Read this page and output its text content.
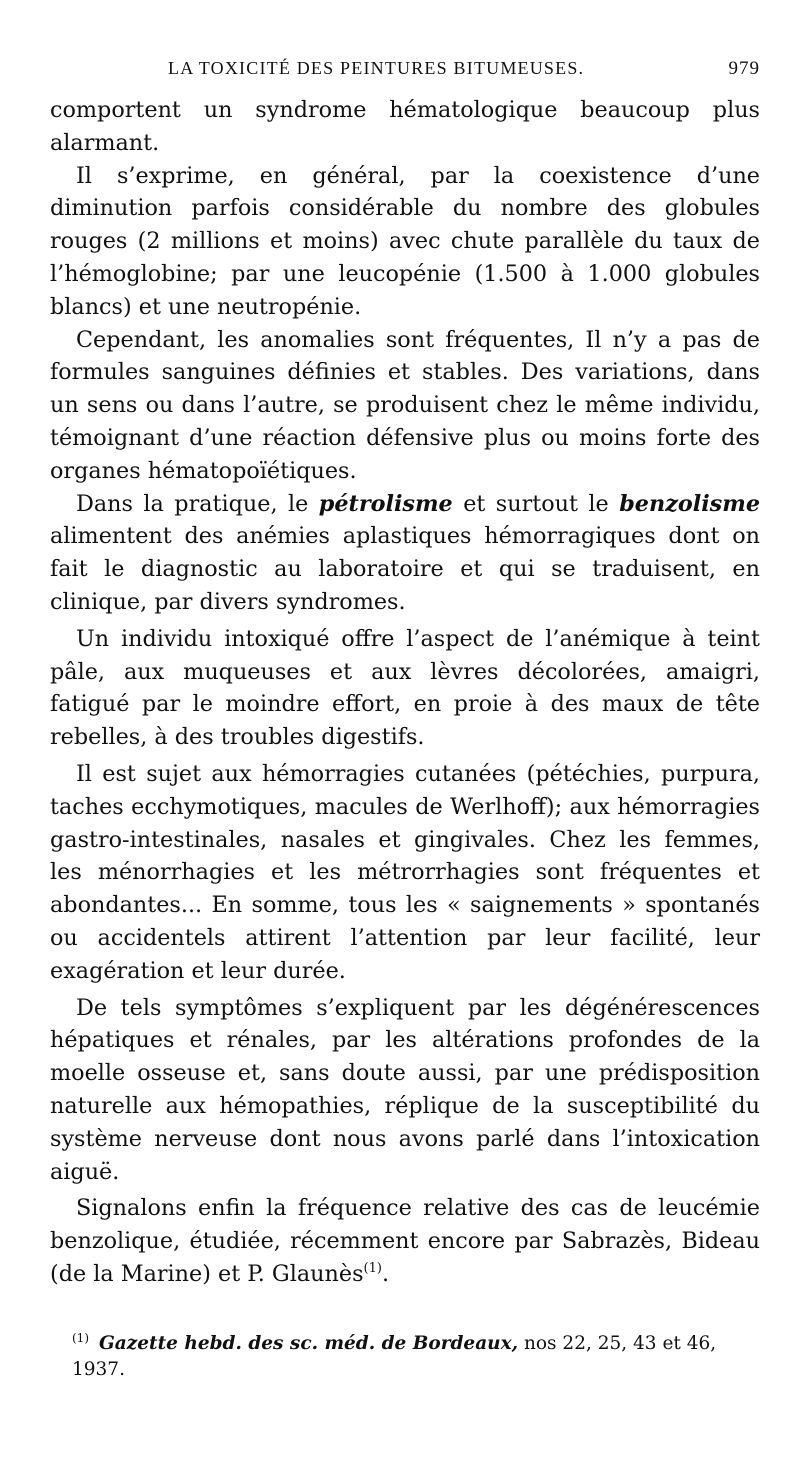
LA TOXICITÉ DES PEINTURES BITUMEUSES.	979

comportent un syndrome hématologique beaucoup plus alarmant.

Il s’exprime, en général, par la coexistence d’une diminution parfois considérable du nombre des globules rouges (2 millions et moins) avec chute parallèle du taux de l’hémoglobine; par une leucopénie (1.500 à 1.000 globules blancs) et une neutropénie.

Cependant, les anomalies sont fréquentes, Il n’y a pas de formules sanguines définies et stables. Des variations, dans un sens ou dans l’autre, se produisent chez le même individu, témoignant d’une réaction défensive plus ou moins forte des organes hématopoïétiques.

Dans la pratique, le pétrolisme et surtout le benzolisme alimentent des anémies aplastiques hémorragiques dont on fait le diagnostic au laboratoire et qui se traduisent, en clinique, par divers syndromes.

Un individu intoxiqué offre l’aspect de l’anémique à teint pâle, aux muqueuses et aux lèvres décolorées, amaigri, fatigué par le moindre effort, en proie à des maux de tête rebelles, à des troubles digestifs.

Il est sujet aux hémorragies cutanées (pétéchies, purpura, taches ecchymotiques, macules de Werlhoff); aux hémorragies gastro-intestinales, nasales et gingivales. Chez les femmes, les ménorrhagies et les métrorrhagies sont fréquentes et abondantes... En somme, tous les « saignements » spontanés ou accidentels attirent l’attention par leur facilité, leur exagération et leur durée.

De tels symptômes s’expliquent par les dégénérescences hépatiques et rénales, par les altérations profondes de la moelle osseuse et, sans doute aussi, par une prédisposition naturelle aux hémopathies, réplique de la susceptibilité du système nerveuse dont nous avons parlé dans l’intoxication aiguë.

Signalons enfin la fréquence relative des cas de leucémie benzolique, étudiée, récemment encore par Sabrazès, Bideau (de la Marine) et P. Glaunès$^{(1)}$.

$^{(1)}$ Gazette hebd. des sc. méd. de Bordeaux, nos 22, 25, 43 et 46, 1937.
